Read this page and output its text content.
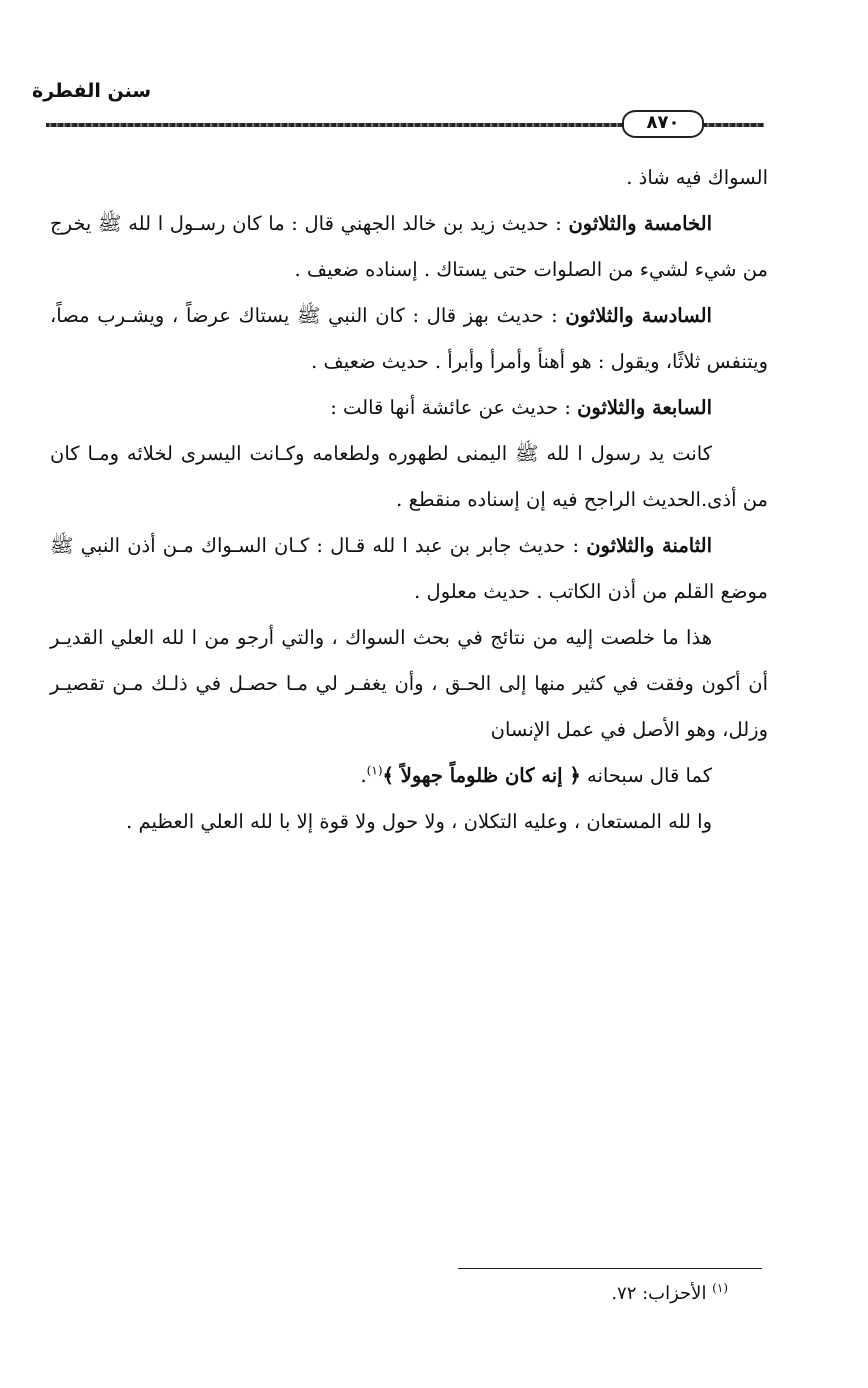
سنن الفطرة
٨٧٠

السواك فيه شاذ .

الخامسة والثلاثون : حديث زيد بن خالد الجهني قال : ما كان رسـول ا لله ﷺ يخرج من شيء لشيء من الصلوات حتى يستاك . إسناده ضعيف .

السادسة والثلاثون : حديث بهز قال : كان النبي ﷺ يستاك عرضاً ، ويشـرب مصاً، ويتنفس ثلاثًا، ويقول : هو أهنأ وأمرأ وأبرأ . حديث ضعيف .

السابعة والثلاثون : حديث عن عائشة أنها قالت :

كانت يد رسول ا لله ﷺ اليمنى لطهوره ولطعامه وكـانت اليسرى لخلائه ومـا كان من أذى.الحديث الراجح فيه إن إسناده منقطع .

الثامنة والثلاثون : حديث جابر بن عبد ا لله قـال : كـان السـواك مـن أذن النبي ﷺ موضع القلم من أذن الكاتب . حديث معلول .

هذا ما خلصت إليه من نتائج في بحث السواك ، والتي أرجو من ا لله العلي القديـر أن أكون وفقت في كثير منها إلى الحـق ، وأن يغفـر لي مـا حصـل في ذلـك مـن تقصيـر وزلل، وهو الأصل في عمل الإنسان

كما قال سبحانه ﴿ إنه كان ظلوماً جهولاً ﴾$^{(١)}$.

وا لله المستعان ، وعليه التكلان ، ولا حول ولا قوة إلا با لله العلي العظيم .

$^{(١)}$ الأحزاب: ٧٢.
